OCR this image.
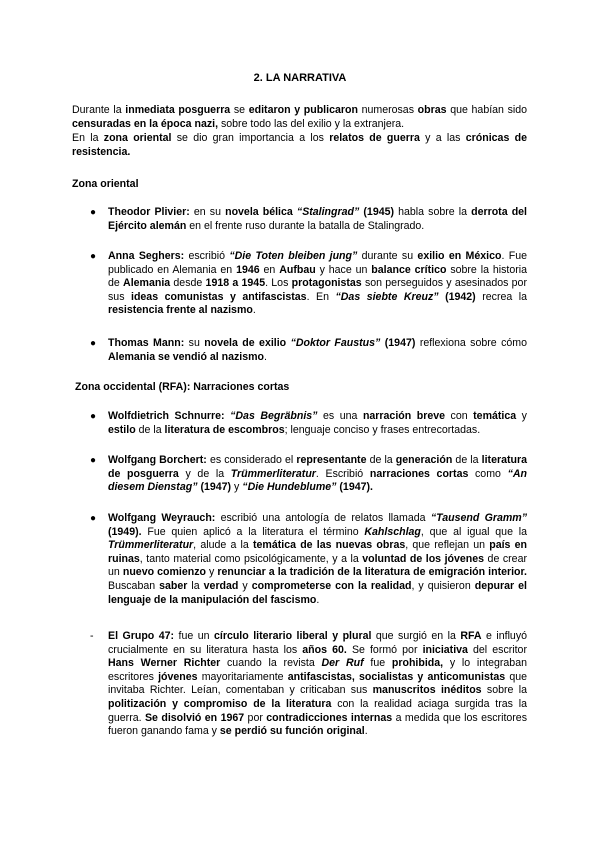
2. LA NARRATIVA

Durante la inmediata posguerra se editaron y publicaron numerosas obras que habían sido censuradas en la época nazi, sobre todo las del exilio y la extranjera.

En la zona oriental se dio gran importancia a los relatos de guerra y a las crónicas de resistencia.

Zona oriental

● Theodor Plivier: en su novela bélica “Stalingrad” (1945) habla sobre la derrota del Ejército alemán en el frente ruso durante la batalla de Stalingrado.

● Anna Seghers: escribió “Die Toten bleiben jung” durante su exilio en México. Fue publicado en Alemania en 1946 en Aufbau y hace un balance crítico sobre la historia de Alemania desde 1918 a 1945. Los protagonistas son perseguidos y asesinados por sus ideas comunistas y antifascistas. En “Das siebte Kreuz” (1942) recrea la resistencia frente al nazismo.

● Thomas Mann: su novela de exilio “Doktor Faustus” (1947) reflexiona sobre cómo Alemania se vendió al nazismo.

Zona occidental (RFA): Narraciones cortas

● Wolfdietrich Schnurre: “Das Begräbnis” es una narración breve con temática y estilo de la literatura de escombros; lenguaje conciso y frases entrecortadas.

● Wolfgang Borchert: es considerado el representante de la generación de la literatura de posguerra y de la Trümmerliteratur. Escribió narraciones cortas como “An diesem Dienstag” (1947) y “Die Hundeblume” (1947).

● Wolfgang Weyrauch: escribió una antología de relatos llamada “Tausend Gramm” (1949). Fue quien aplicó a la literatura el término Kahlschlag, que al igual que la Trümmerliteratur, alude a la temática de las nuevas obras, que reflejan un país en ruinas, tanto material como psicológicamente, y a la voluntad de los jóvenes de crear un nuevo comienzo y renunciar a la tradición de la literatura de emigración interior. Buscaban saber la verdad y comprometerse con la realidad, y quisieron depurar el lenguaje de la manipulación del fascismo.

- El Grupo 47: fue un círculo literario liberal y plural que surgió en la RFA e influyó crucialmente en su literatura hasta los años 60. Se formó por iniciativa del escritor Hans Werner Richter cuando la revista Der Ruf fue prohibida, y lo integraban escritores jóvenes mayoritariamente antifascistas, socialistas y anticomunistas que invitaba Richter. Leían, comentaban y criticaban sus manuscritos inéditos sobre la politización y compromiso de la literatura con la realidad aciaga surgida tras la guerra. Se disolvió en 1967 por contradicciones internas a medida que los escritores fueron ganando fama y se perdió su función original.
